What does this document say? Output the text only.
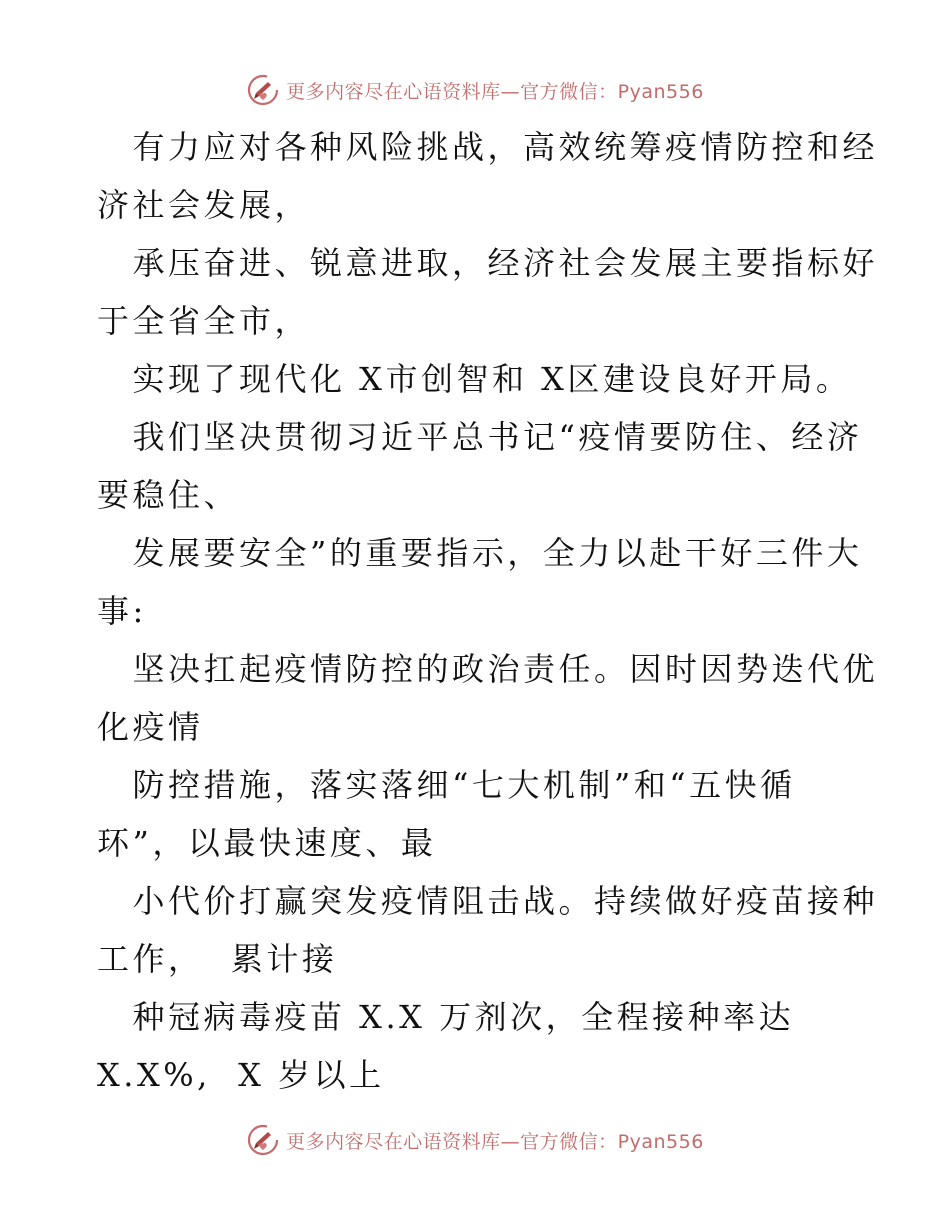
更多内容尽在心语资料库—官方微信：Pyan556
　有力应对各种风险挑战，高效统筹疫情防控和经
济社会发展，
　承压奋进、锐意进取，经济社会发展主要指标好
于全省全市，
　实现了现代化 X市创智和 X区建设良好开局。
　我们坚决贯彻习近平总书记“疫情要防住、经济
要稳住、
　发展要安全”的重要指示，全力以赴干好三件大
事:
　坚决扛起疫情防控的政治责任。因时因势迭代优
化疫情
　防控措施，落实落细“七大机制”和“五快循
环”，以最快速度、最
　小代价打赢突发疫情阻击战。持续做好疫苗接种
工作，  累计接
　种冠病毒疫苗 X.X 万剂次，全程接种率达
X.X%,  X 岁以上
更多内容尽在心语资料库—官方微信：Pyan556
